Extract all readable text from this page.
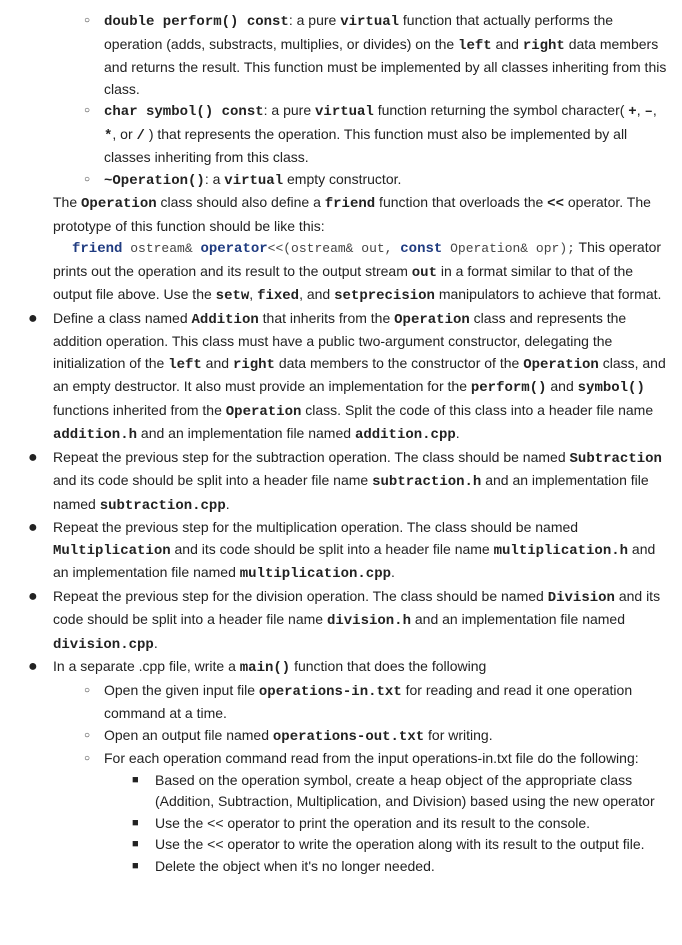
○ double perform() const: a pure virtual function that actually performs the operation (adds, substracts, multiplies, or divides) on the left and right data members and returns the result. This function must be implemented by all classes inheriting from this class.
○ char symbol() const: a pure virtual function returning the symbol character( +, –, *, or / ) that represents the operation. This function must also be implemented by all classes inheriting from this class.
○ ~Operation(): a virtual empty constructor.
The Operation class should also define a friend function that overloads the << operator. The prototype of this function should be like this:
friend ostream& operator<<(ostream& out, const Operation& opr); This operator prints out the operation and its result to the output stream out in a format similar to that of the output file above. Use the setw, fixed, and setprecision manipulators to achieve that format.
● Define a class named Addition that inherits from the Operation class and represents the addition operation. This class must have a public two-argument constructor, delegating the initialization of the left and right data members to the constructor of the Operation class, and an empty destructor. It also must provide an implementation for the perform() and symbol() functions inherited from the Operation class. Split the code of this class into a header file name addition.h and an implementation file named addition.cpp.
● Repeat the previous step for the subtraction operation. The class should be named Subtraction and its code should be split into a header file name subtraction.h and an implementation file named subtraction.cpp.
● Repeat the previous step for the multiplication operation. The class should be named Multiplication and its code should be split into a header file name multiplication.h and an implementation file named multiplication.cpp.
● Repeat the previous step for the division operation. The class should be named Division and its code should be split into a header file name division.h and an implementation file named division.cpp.
● In a separate .cpp file, write a main() function that does the following
○ Open the given input file operations-in.txt for reading and read it one operation command at a time.
○ Open an output file named operations-out.txt for writing.
○ For each operation command read from the input operations-in.txt file do the following:
■ Based on the operation symbol, create a heap object of the appropriate class (Addition, Subtraction, Multiplication, and Division) based using the new operator
■ Use the << operator to print the operation and its result to the console.
■ Use the << operator to write the operation along with its result to the output file.
■ Delete the object when it's no longer needed.
